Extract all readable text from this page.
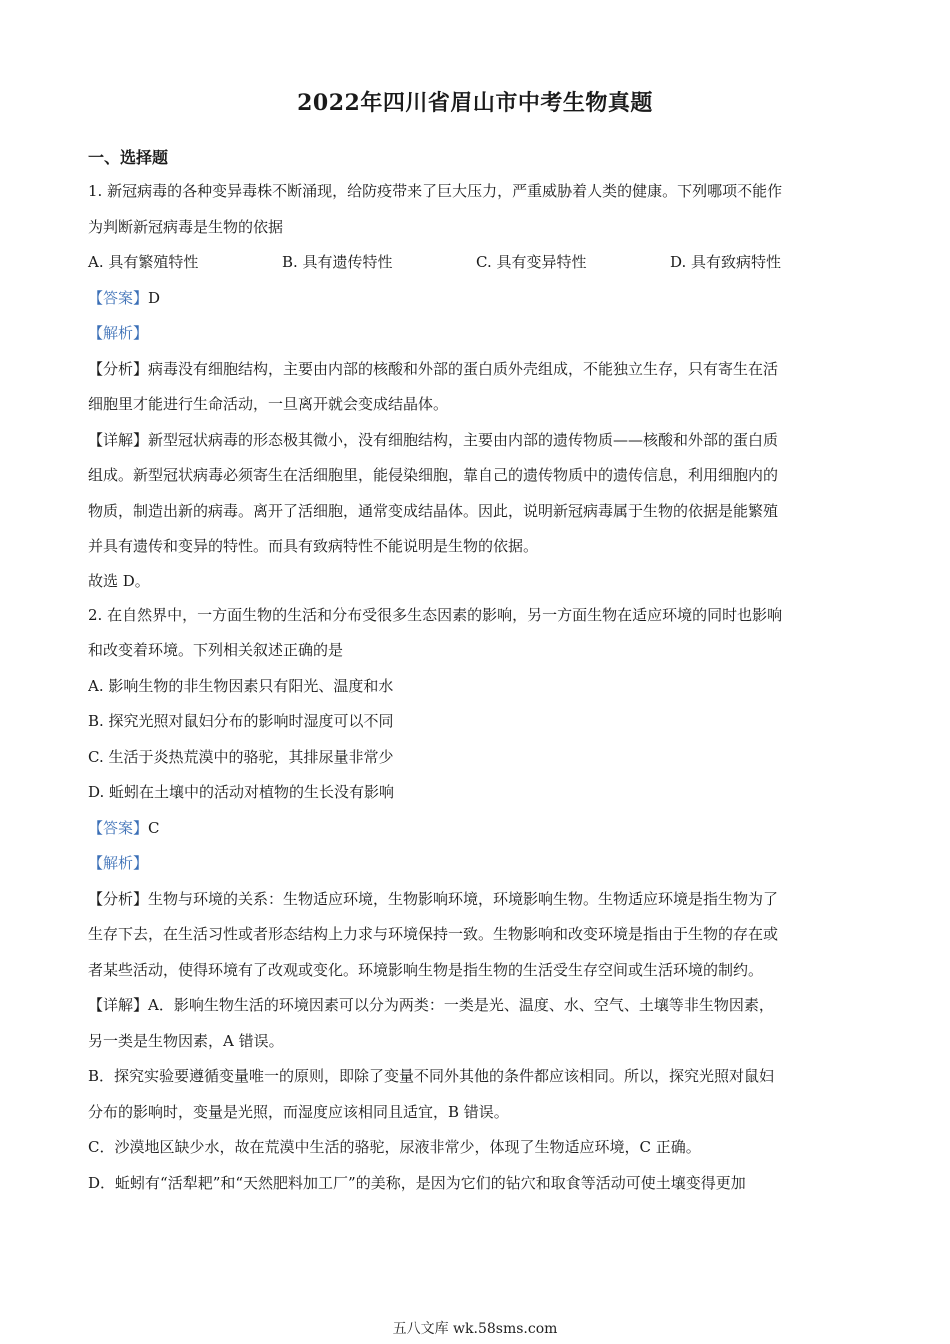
2022年四川省眉山市中考生物真题
一、选择题
1. 新冠病毒的各种变异毒株不断涌现，给防疫带来了巨大压力，严重威胁着人类的健康。下列哪项不能作
为判断新冠病毒是生物的依据
A. 具有繁殖特性	B. 具有遗传特性	C. 具有变异特性	D. 具有致病特性
【答案】D
【解析】
【分析】病毒没有细胞结构，主要由内部的核酸和外部的蛋白质外壳组成，不能独立生存，只有寄生在活
细胞里才能进行生命活动，一旦离开就会变成结晶体。
【详解】新型冠状病毒的形态极其微小，没有细胞结构，主要由内部的遗传物质——核酸和外部的蛋白质
组成。新型冠状病毒必须寄生在活细胞里，能侵染细胞，靠自己的遗传物质中的遗传信息，利用细胞内的
物质，制造出新的病毒。离开了活细胞，通常变成结晶体。因此，说明新冠病毒属于生物的依据是能繁殖
并具有遗传和变异的特性。而具有致病特性不能说明是生物的依据。
故选 D。
2. 在自然界中，一方面生物的生活和分布受很多生态因素的影响，另一方面生物在适应环境的同时也影响
和改变着环境。下列相关叙述正确的是
A. 影响生物的非生物因素只有阳光、温度和水
B. 探究光照对鼠妇分布的影响时湿度可以不同
C. 生活于炎热荒漠中的骆驼，其排尿量非常少
D. 蚯蚓在土壤中的活动对植物的生长没有影响
【答案】C
【解析】
【分析】生物与环境的关系：生物适应环境，生物影响环境，环境影响生物。生物适应环境是指生物为了
生存下去，在生活习性或者形态结构上力求与环境保持一致。生物影响和改变环境是指由于生物的存在或
者某些活动，使得环境有了改观或变化。环境影响生物是指生物的生活受生存空间或生活环境的制约。
【详解】A．影响生物生活的环境因素可以分为两类：一类是光、温度、水、空气、土壤等非生物因素，
另一类是生物因素，A 错误。
B．探究实验要遵循变量唯一的原则，即除了变量不同外其他的条件都应该相同。所以，探究光照对鼠妇
分布的影响时，变量是光照，而湿度应该相同且适宜，B 错误。
C．沙漠地区缺少水，故在荒漠中生活的骆驼，尿液非常少，体现了生物适应环境，C 正确。
D．蚯蚓有“活犁耙”和“天然肥料加工厂”的美称，是因为它们的钻穴和取食等活动可使土壤变得更加
五八文库 wk.58sms.com
